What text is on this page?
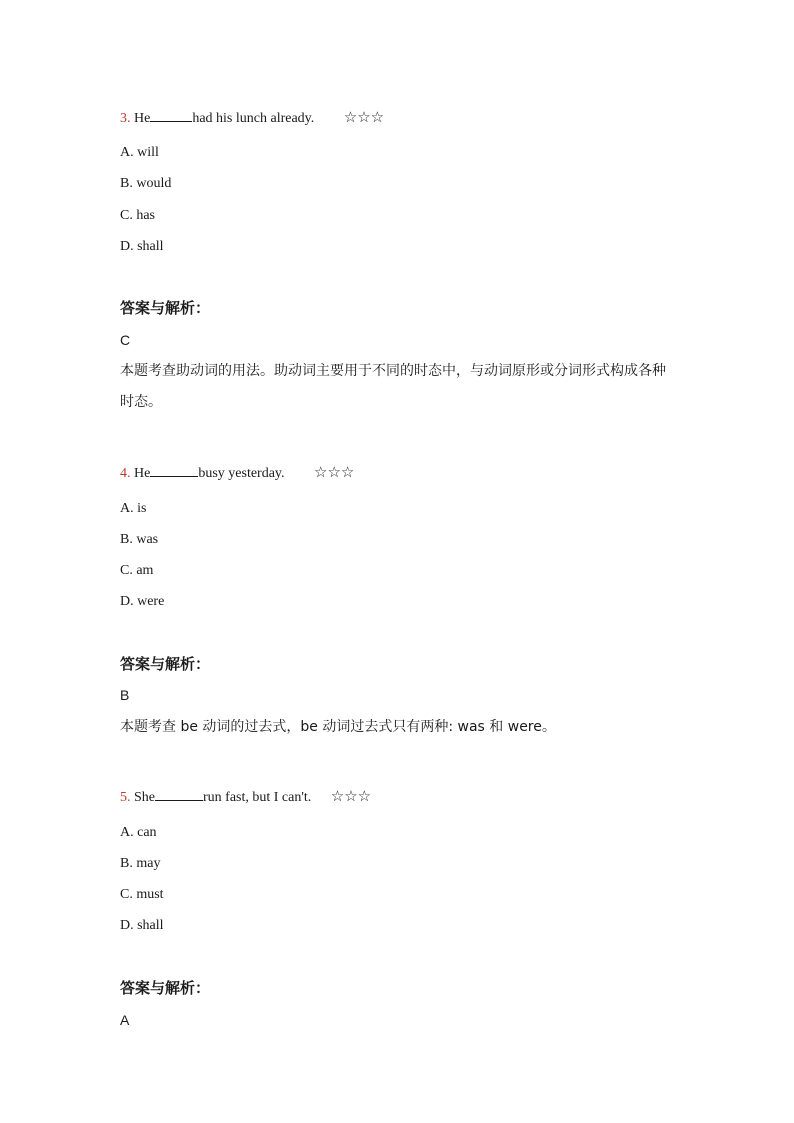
3. He	had his lunch already. ☆☆☆
A. will
B. would
C. has
D. shall
答案与解析：
C
本题考查助动词的用法。助动词主要用于不同的时态中，与动词原形或分词形式构成各种
时态。
4. He	busy yesterday. ☆☆☆
A. is
B. was
C. am
D. were
答案与解析：
B
本题考查 be 动词的过去式，be 动词过去式只有两种: was 和 were。
5. She	run fast, but I can't. ☆☆☆
A. can
B. may
C. must
D. shall
答案与解析：
A
